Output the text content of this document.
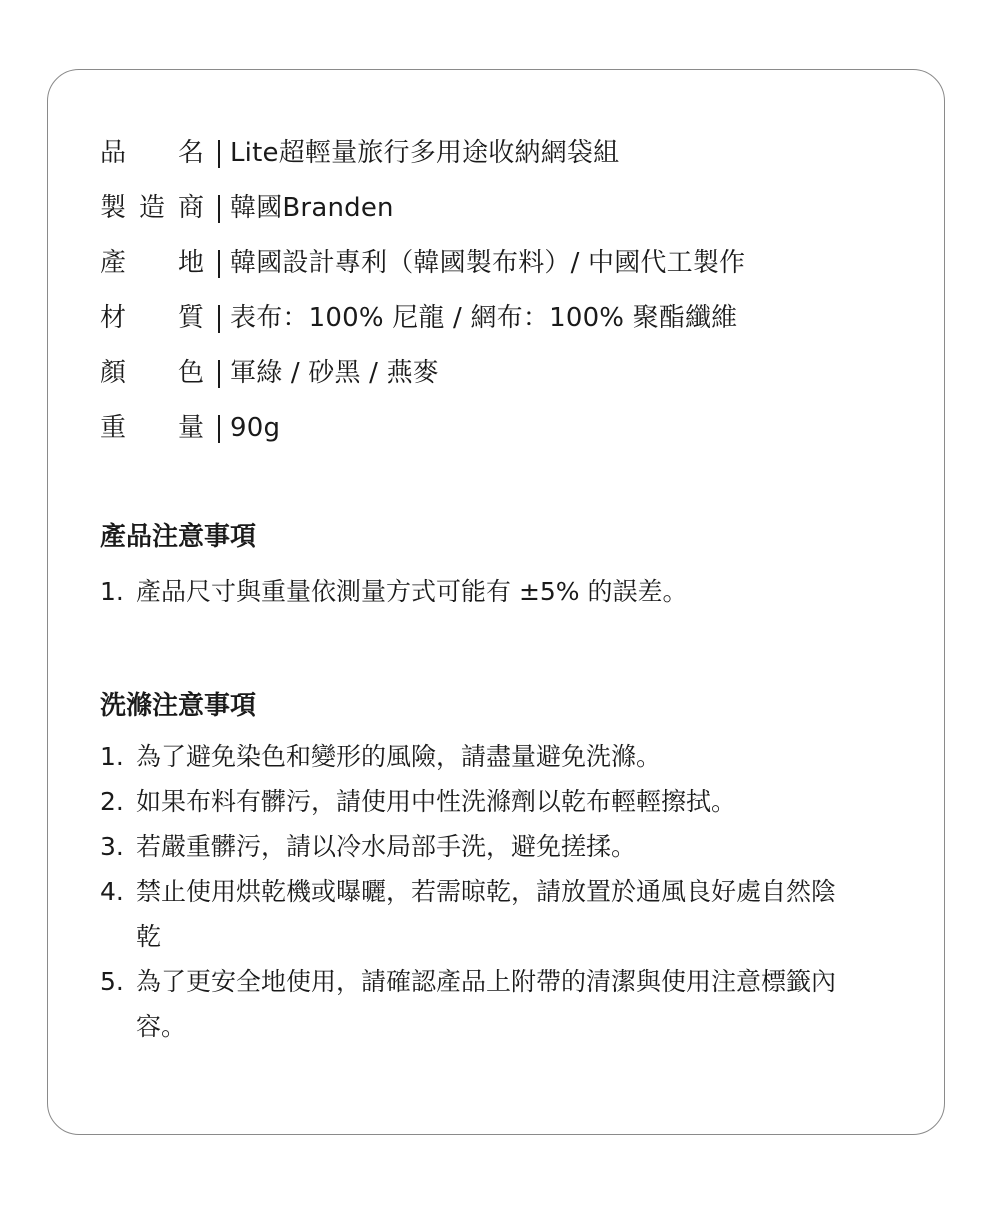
品 名 Lite超輕量旅行多用途收納網袋組
製 造 商 韓國Branden
產 地 韓國設計專利（韓國製布料）/ 中國代工製作
材 質 表布：100% 尼龍 / 網布：100% 聚酯纖維
顏 色 軍綠 / 砂黑 / 燕麥
重 量 90g
產品注意事項
1. 產品尺寸與重量依測量方式可能有 ±5% 的誤差。
洗滌注意事項
1. 為了避免染色和變形的風險，請盡量避免洗滌。
2. 如果布料有髒污，請使用中性洗滌劑以乾布輕輕擦拭。
3. 若嚴重髒污，請以冷水局部手洗，避免搓揉。
4. 禁止使用烘乾機或曝曬，若需晾乾，請放置於通風良好處自然陰乾
5. 為了更安全地使用，請確認產品上附帶的清潔與使用注意標籤內容。
